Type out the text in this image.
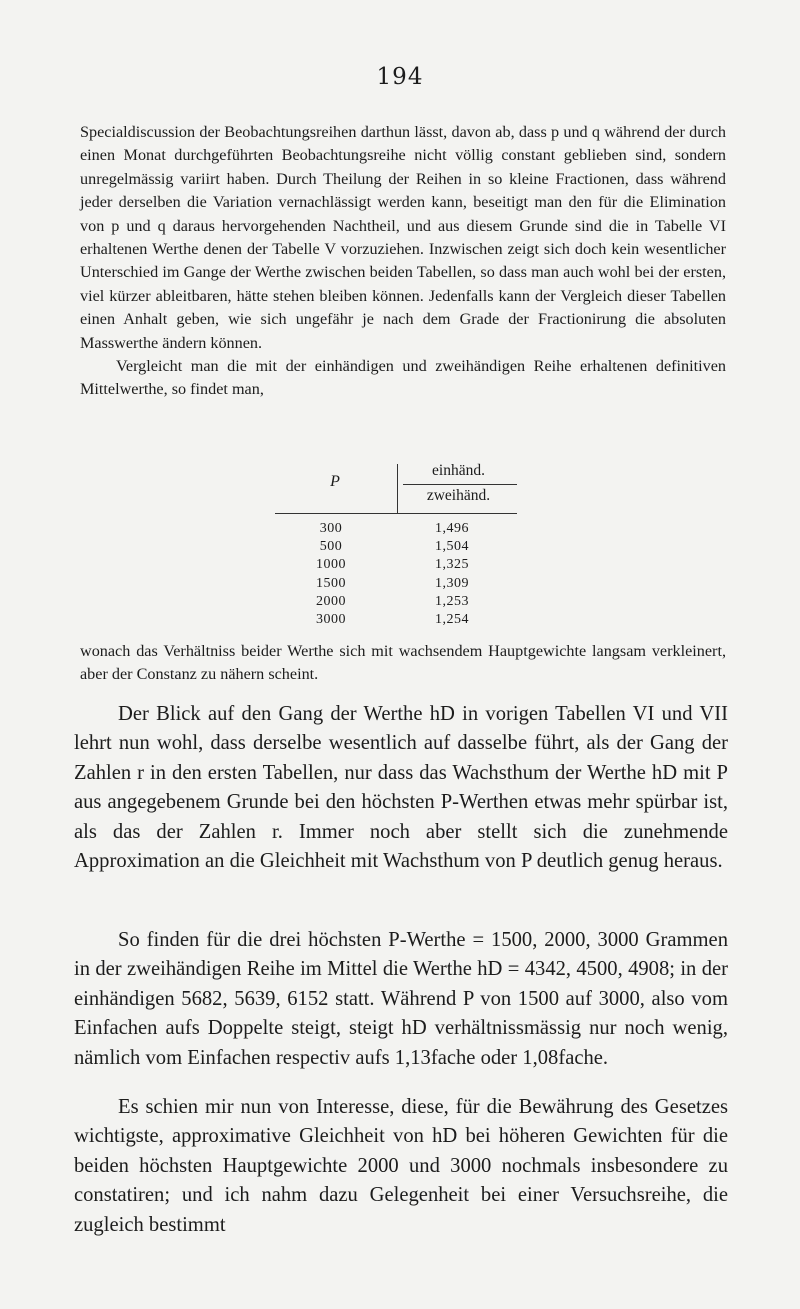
194

Specialdiscussion der Beobachtungsreihen darthun lässt, davon ab, dass p und q während der durch einen Monat durchgeführten Beobachtungsreihe nicht völlig constant geblieben sind, sondern unregelmässig variirt haben. Durch Theilung der Reihen in so kleine Fractionen, dass während jeder derselben die Variation vernachlässigt werden kann, beseitigt man den für die Elimination von p und q daraus hervorgehenden Nachtheil, und aus diesem Grunde sind die in Tabelle VI erhaltenen Werthe denen der Tabelle V vorzuziehen. Inzwischen zeigt sich doch kein wesentlicher Unterschied im Gange der Werthe zwischen beiden Tabellen, so dass man auch wohl bei der ersten, viel kürzer ableitbaren, hätte stehen bleiben können. Jedenfalls kann der Vergleich dieser Tabellen einen Anhalt geben, wie sich ungefähr je nach dem Grade der Fractionirung die absoluten Masswerthe ändern können.

Vergleicht man die mit der einhändigen und zweihändigen Reihe erhaltenen definitiven Mittelwerthe, so findet man,

P
einhänd.
zweihänd.
300	1,496
500	1,504
1000	1,325
1500	1,309
2000	1,253
3000	1,254

wonach das Verhältniss beider Werthe sich mit wachsendem Hauptgewichte langsam verkleinert, aber der Constanz zu nähern scheint.

Der Blick auf den Gang der Werthe hD in vorigen Tabellen VI und VII lehrt nun wohl, dass derselbe wesentlich auf dasselbe führt, als der Gang der Zahlen r in den ersten Tabellen, nur dass das Wachsthum der Werthe hD mit P aus angegebenem Grunde bei den höchsten P-Werthen etwas mehr spürbar ist, als das der Zahlen r. Immer noch aber stellt sich die zunehmende Approximation an die Gleichheit mit Wachsthum von P deutlich genug heraus.

So finden für die drei höchsten P-Werthe = 1500, 2000, 3000 Grammen in der zweihändigen Reihe im Mittel die Werthe hD = 4342, 4500, 4908; in der einhändigen 5682, 5639, 6152 statt. Während P von 1500 auf 3000, also vom Einfachen aufs Doppelte steigt, steigt hD verhältnissmässig nur noch wenig, nämlich vom Einfachen respectiv aufs 1,13fache oder 1,08fache.

Es schien mir nun von Interesse, diese, für die Bewährung des Gesetzes wichtigste, approximative Gleichheit von hD bei höheren Gewichten für die beiden höchsten Hauptgewichte 2000 und 3000 nochmals insbesondere zu constatiren; und ich nahm dazu Gelegenheit bei einer Versuchsreihe, die zugleich bestimmt
